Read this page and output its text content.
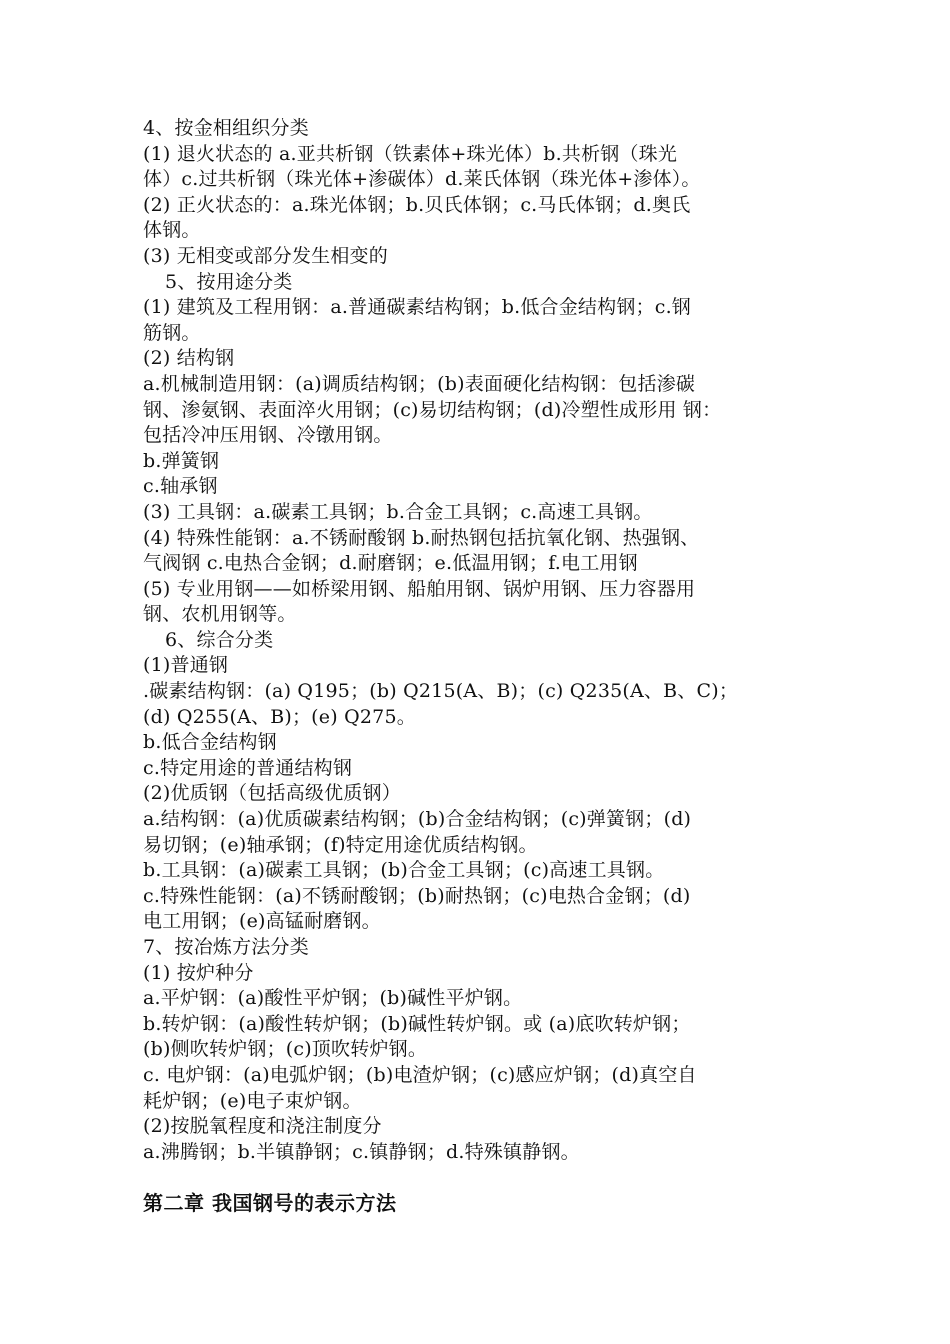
4、按金相组织分类
(1) 退火状态的 a.亚共析钢（铁素体+珠光体）b.共析钢（珠光
体）c.过共析钢（珠光体+渗碳体）d.莱氏体钢（珠光体+渗体）。
(2) 正火状态的：a.珠光体钢；b.贝氏体钢；c.马氏体钢；d.奥氏
体钢。
(3) 无相变或部分发生相变的
5、按用途分类
(1) 建筑及工程用钢：a.普通碳素结构钢；b.低合金结构钢；c.钢
筋钢。
(2) 结构钢
a.机械制造用钢：(a)调质结构钢；(b)表面硬化结构钢：包括渗碳
钢、渗氨钢、表面淬火用钢；(c)易切结构钢；(d)冷塑性成形用 钢：
包括冷冲压用钢、冷镦用钢。
b.弹簧钢
c.轴承钢
(3) 工具钢：a.碳素工具钢；b.合金工具钢；c.高速工具钢。
(4) 特殊性能钢：a.不锈耐酸钢 b.耐热钢包括抗氧化钢、热强钢、
气阀钢 c.电热合金钢；d.耐磨钢；e.低温用钢；f.电工用钢
(5) 专业用钢——如桥梁用钢、船舶用钢、锅炉用钢、压力容器用
钢、农机用钢等。
6、综合分类
(1)普通钢
.碳素结构钢：(a) Q195；(b) Q215(A、B)；(c) Q235(A、B、C)；
(d) Q255(A、B)；(e) Q275。
b.低合金结构钢
c.特定用途的普通结构钢
(2)优质钢（包括高级优质钢）
a.结构钢：(a)优质碳素结构钢；(b)合金结构钢；(c)弹簧钢；(d)
易切钢；(e)轴承钢；(f)特定用途优质结构钢。
b.工具钢：(a)碳素工具钢；(b)合金工具钢；(c)高速工具钢。
c.特殊性能钢：(a)不锈耐酸钢；(b)耐热钢；(c)电热合金钢；(d)
电工用钢；(e)高锰耐磨钢。
7、按冶炼方法分类
(1) 按炉种分
a.平炉钢：(a)酸性平炉钢；(b)碱性平炉钢。
b.转炉钢：(a)酸性转炉钢；(b)碱性转炉钢。或 (a)底吹转炉钢；
(b)侧吹转炉钢；(c)顶吹转炉钢。
c. 电炉钢：(a)电弧炉钢；(b)电渣炉钢；(c)感应炉钢；(d)真空自
耗炉钢；(e)电子束炉钢。
(2)按脱氧程度和浇注制度分
a.沸腾钢；b.半镇静钢；c.镇静钢；d.特殊镇静钢。
第二章 我国钢号的表示方法
